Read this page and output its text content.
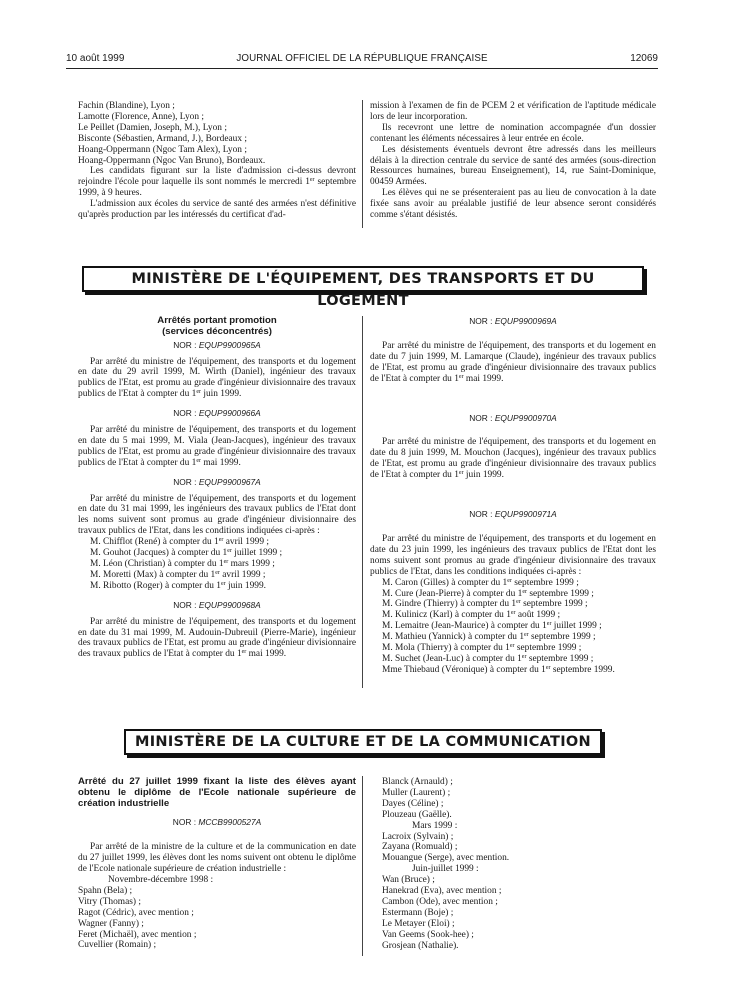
10 août 1999	JOURNAL OFFICIEL DE LA RÉPUBLIQUE FRANÇAISE	12069

Fachin (Blandine), Lyon ;

Lamotte (Florence, Anne), Lyon ;

Le Peillet (Damien, Joseph, M.), Lyon ;

Bisconte (Sébastien, Armand, J.), Bordeaux ;

Hoang-Oppermann (Ngoc Tam Alex), Lyon ;

Hoang-Oppermann (Ngoc Van Bruno), Bordeaux.

Les candidats figurant sur la liste d'admission ci-dessus devront rejoindre l'école pour laquelle ils sont nommés le mercredi 1er septembre 1999, à 9 heures.

L'admission aux écoles du service de santé des armées n'est définitive qu'après production par les intéressés du certificat d'ad-

mission à l'examen de fin de PCEM 2 et vérification de l'aptitude médicale lors de leur incorporation.

Ils recevront une lettre de nomination accompagnée d'un dossier contenant les éléments nécessaires à leur entrée en école.

Les désistements éventuels devront être adressés dans les meilleurs délais à la direction centrale du service de santé des armées (sous-direction Ressources humaines, bureau Enseignement), 14, rue Saint-Dominique, 00459 Armées.

Les élèves qui ne se présenteraient pas au lieu de convocation à la date fixée sans avoir au préalable justifié de leur absence seront considérés comme s'étant désistés.

MINISTÈRE DE L'ÉQUIPEMENT, DES TRANSPORTS ET DU LOGEMENT
Arrêtés portant promotion
(services déconcentrés)

NOR : EQUP9900965A

Par arrêté du ministre de l'équipement, des transports et du logement en date du 29 avril 1999, M. Wirth (Daniel), ingénieur des travaux publics de l'Etat, est promu au grade d'ingénieur divisionnaire des travaux publics de l'Etat à compter du 1er juin 1999.

NOR : EQUP9900966A

Par arrêté du ministre de l'équipement, des transports et du logement en date du 5 mai 1999, M. Viala (Jean-Jacques), ingénieur des travaux publics de l'Etat, est promu au grade d'ingénieur divisionnaire des travaux publics de l'Etat à compter du 1er mai 1999.

NOR : EQUP9900967A

Par arrêté du ministre de l'équipement, des transports et du logement en date du 31 mai 1999, les ingénieurs des travaux publics de l'Etat dont les noms suivent sont promus au grade d'ingénieur divisionnaire des travaux publics de l'Etat, dans les conditions indiquées ci-après :

M. Chifflot (René) à compter du 1er avril 1999 ;

M. Gouhot (Jacques) à compter du 1er juillet 1999 ;

M. Léon (Christian) à compter du 1er mars 1999 ;

M. Moretti (Max) à compter du 1er avril 1999 ;

M. Ribotto (Roger) à compter du 1er juin 1999.

NOR : EQUP9900968A

Par arrêté du ministre de l'équipement, des transports et du logement en date du 31 mai 1999, M. Audouin-Dubreuil (Pierre-Marie), ingénieur des travaux publics de l'Etat, est promu au grade d'ingénieur divisionnaire des travaux publics de l'Etat à compter du 1er mai 1999.

NOR : EQUP9900969A

Par arrêté du ministre de l'équipement, des transports et du logement en date du 7 juin 1999, M. Lamarque (Claude), ingénieur des travaux publics de l'Etat, est promu au grade d'ingénieur divisionnaire des travaux publics de l'Etat à compter du 1er mai 1999.

NOR : EQUP9900970A

Par arrêté du ministre de l'équipement, des transports et du logement en date du 8 juin 1999, M. Mouchon (Jacques), ingénieur des travaux publics de l'Etat, est promu au grade d'ingénieur divisionnaire des travaux publics de l'Etat à compter du 1er juin 1999.

NOR : EQUP9900971A

Par arrêté du ministre de l'équipement, des transports et du logement en date du 23 juin 1999, les ingénieurs des travaux publics de l'Etat dont les noms suivent sont promus au grade d'ingénieur divisionnaire des travaux publics de l'Etat, dans les conditions indiquées ci-après :

M. Caron (Gilles) à compter du 1er septembre 1999 ;

M. Cure (Jean-Pierre) à compter du 1er septembre 1999 ;

M. Gindre (Thierry) à compter du 1er septembre 1999 ;

M. Kulinicz (Karl) à compter du 1er août 1999 ;

M. Lemaitre (Jean-Maurice) à compter du 1er juillet 1999 ;

M. Mathieu (Yannick) à compter du 1er septembre 1999 ;

M. Mola (Thierry) à compter du 1er septembre 1999 ;

M. Suchet (Jean-Luc) à compter du 1er septembre 1999 ;

Mme Thiebaud (Véronique) à compter du 1er septembre 1999.

MINISTÈRE DE LA CULTURE ET DE LA COMMUNICATION

Arrêté du 27 juillet 1999 fixant la liste des élèves ayant obtenu le diplôme de l'Ecole nationale supérieure de création industrielle

NOR : MCCB9900527A

Par arrêté de la ministre de la culture et de la communication en date du 27 juillet 1999, les élèves dont les noms suivent ont obtenu le diplôme de l'Ecole nationale supérieure de création industrielle :

Novembre-décembre 1998 :

Spahn (Bela) ;

Vitry (Thomas) ;

Ragot (Cédric), avec mention ;

Wagner (Fanny) ;

Feret (Michaël), avec mention ;

Cuvellier (Romain) ;

Blanck (Arnauld) ;

Muller (Laurent) ;

Dayes (Céline) ;

Plouzeau (Gaëlle).

Mars 1999 :

Lacroix (Sylvain) ;

Zayana (Romuald) ;

Mouanguе (Serge), avec mention.

Juin-juillet 1999 :

Wan (Bruce) ;

Hanekrad (Eva), avec mention ;

Cambon (Ode), avec mention ;

Estermann (Boje) ;

Le Metayer (Eloi) ;

Van Geems (Sook-hee) ;

Grosjean (Nathalie).
